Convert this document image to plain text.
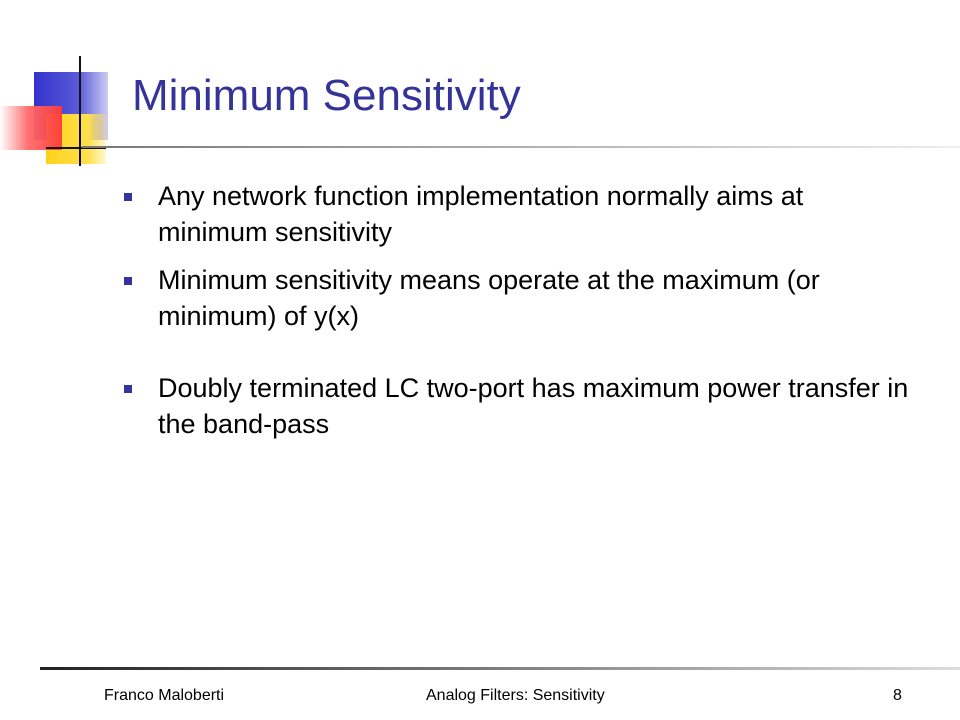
Minimum Sensitivity
Any network function implementation normally aims at minimum sensitivity
Minimum sensitivity means operate at the maximum (or minimum) of y(x)
Doubly terminated LC two-port has maximum power transfer in the band-pass
Franco Maloberti	Analog Filters: Sensitivity	8
